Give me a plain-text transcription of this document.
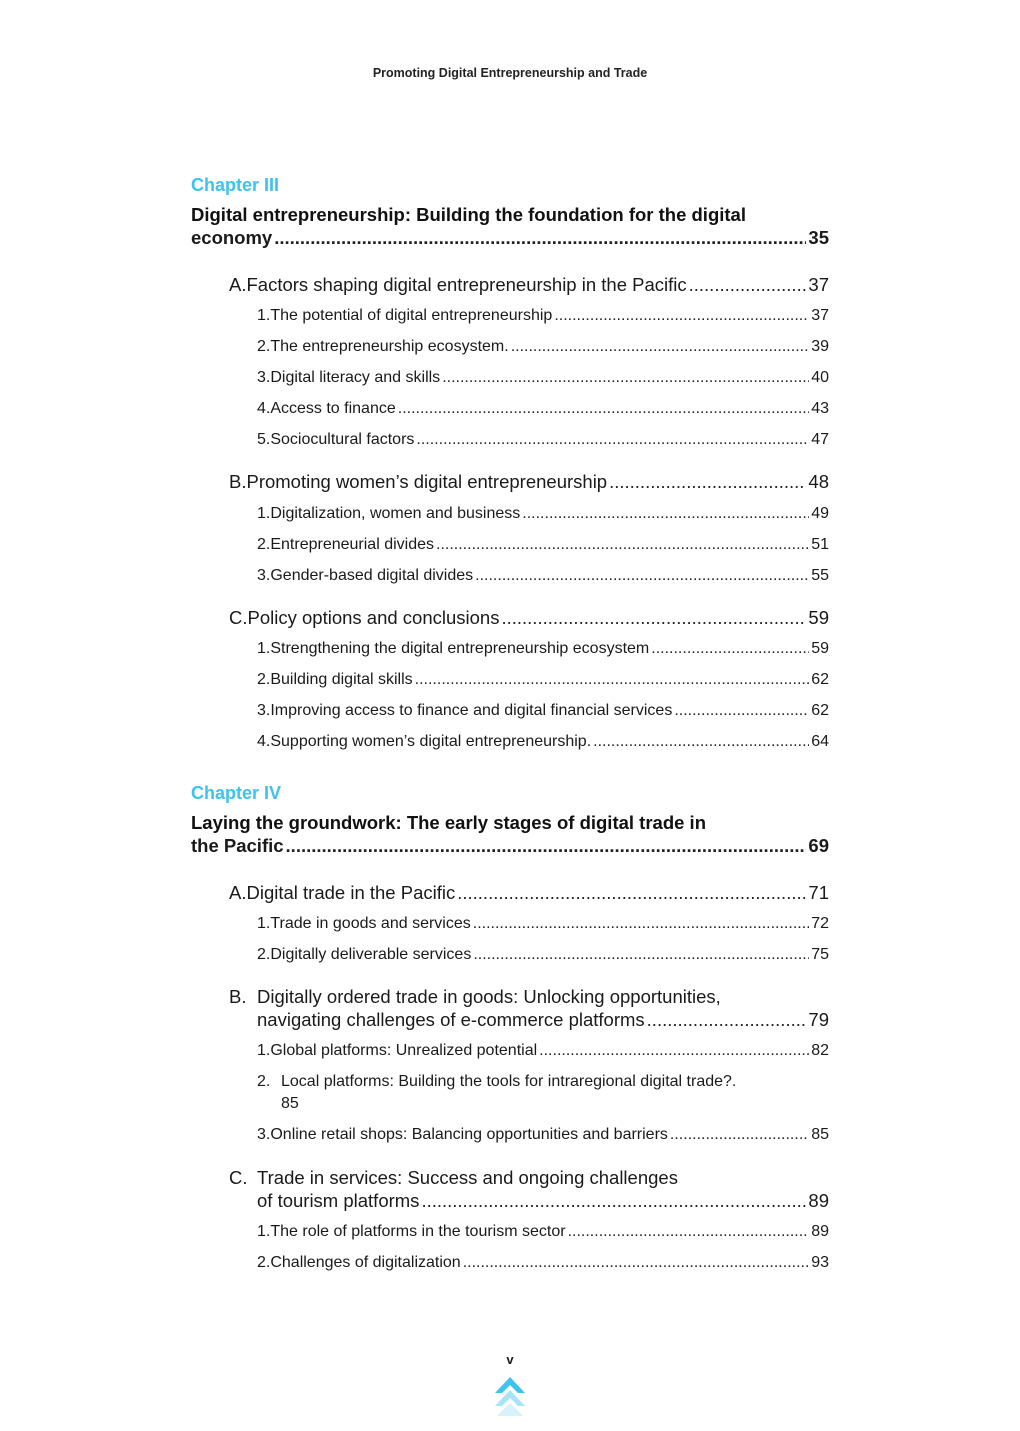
Promoting Digital Entrepreneurship and Trade
Chapter III
Digital entrepreneurship: Building the foundation for the digital
economy .....	35
A. Factors shaping digital entrepreneurship in the Pacific .....	37
1. The potential of digital entrepreneurship .....	37
2. The entrepreneurship ecosystem. .....	39
3. Digital literacy and skills .....	40
4. Access to finance .....	43
5. Sociocultural factors .....	47
B. Promoting women’s digital entrepreneurship .....	48
1. Digitalization, women and business .....	49
2. Entrepreneurial divides .....	51
3. Gender-based digital divides .....	55
C. Policy options and conclusions .....	59
1. Strengthening the digital entrepreneurship ecosystem .....	59
2. Building digital skills .....	62
3. Improving access to finance and digital financial services .....	62
4. Supporting women’s digital entrepreneurship. .....	64
Chapter IV
Laying the groundwork: The early stages of digital trade in
the Pacific .....	69
A. Digital trade in the Pacific .....	71
1. Trade in goods and services .....	72
2. Digitally deliverable services .....	75
B. Digitally ordered trade in goods: Unlocking opportunities,
navigating challenges of e-commerce platforms .....	79
1. Global platforms: Unrealized potential .....	82
2. Local platforms: Building the tools for intraregional digital trade?.
85
3. Online retail shops: Balancing opportunities and barriers .....	85
C. Trade in services: Success and ongoing challenges
of tourism platforms .....	89
1. The role of platforms in the tourism sector .....	89
2. Challenges of digitalization .....	93
v
